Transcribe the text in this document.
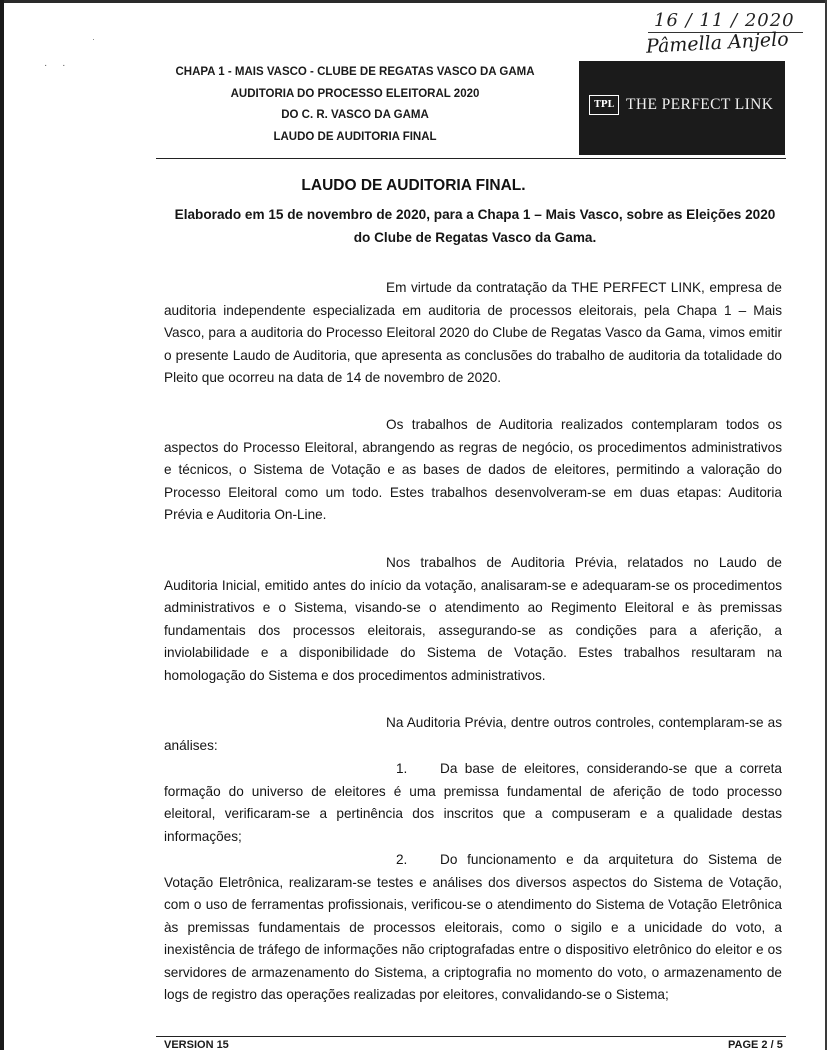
· ·
·
16 / 11 / 2020
Pâmella Anjelo
CHAPA 1 - MAIS VASCO - CLUBE DE REGATAS VASCO DA GAMA
AUDITORIA DO PROCESSO ELEITORAL 2020
DO C. R. VASCO DA GAMA
LAUDO DE AUDITORIA FINAL
TPL THE PERFECT LINK
LAUDO DE AUDITORIA FINAL.
Elaborado em 15 de novembro de 2020, para a Chapa 1 – Mais Vasco, sobre as Eleições 2020
do Clube de Regatas Vasco da Gama.

Em virtude da contratação da THE PERFECT LINK, empresa de auditoria independente especializada em auditoria de processos eleitorais, pela Chapa 1 – Mais Vasco, para a auditoria do Processo Eleitoral 2020 do Clube de Regatas Vasco da Gama, vimos emitir o presente Laudo de Auditoria, que apresenta as conclusões do trabalho de auditoria da totalidade do Pleito que ocorreu na data de 14 de novembro de 2020.

Os trabalhos de Auditoria realizados contemplaram todos os aspectos do Processo Eleitoral, abrangendo as regras de negócio, os procedimentos administrativos e técnicos, o Sistema de Votação e as bases de dados de eleitores, permitindo a valoração do Processo Eleitoral como um todo. Estes trabalhos desenvolveram-se em duas etapas: Auditoria Prévia e Auditoria On-Line.

Nos trabalhos de Auditoria Prévia, relatados no Laudo de Auditoria Inicial, emitido antes do início da votação, analisaram-se e adequaram-se os procedimentos administrativos e o Sistema, visando-se o atendimento ao Regimento Eleitoral e às premissas fundamentais dos processos eleitorais, assegurando-se as condições para a aferição, a inviolabilidade e a disponibilidade do Sistema de Votação. Estes trabalhos resultaram na homologação do Sistema e dos procedimentos administrativos.

Na Auditoria Prévia, dentre outros controles, contemplaram-se as análises:

1. Da base de eleitores, considerando-se que a correta formação do universo de eleitores é uma premissa fundamental de aferição de todo processo eleitoral, verificaram-se a pertinência dos inscritos que a compuseram e a qualidade destas informações;

2. Do funcionamento e da arquitetura do Sistema de Votação Eletrônica, realizaram-se testes e análises dos diversos aspectos do Sistema de Votação, com o uso de ferramentas profissionais, verificou-se o atendimento do Sistema de Votação Eletrônica às premissas fundamentais de processos eleitorais, como o sigilo e a unicidade do voto, a inexistência de tráfego de informações não criptografadas entre o dispositivo eletrônico do eleitor e os servidores de armazenamento do Sistema, a criptografia no momento do voto, o armazenamento de logs de registro das operações realizadas por eleitores, convalidando-se o Sistema;

VERSION 15	PAGE 2 / 5
